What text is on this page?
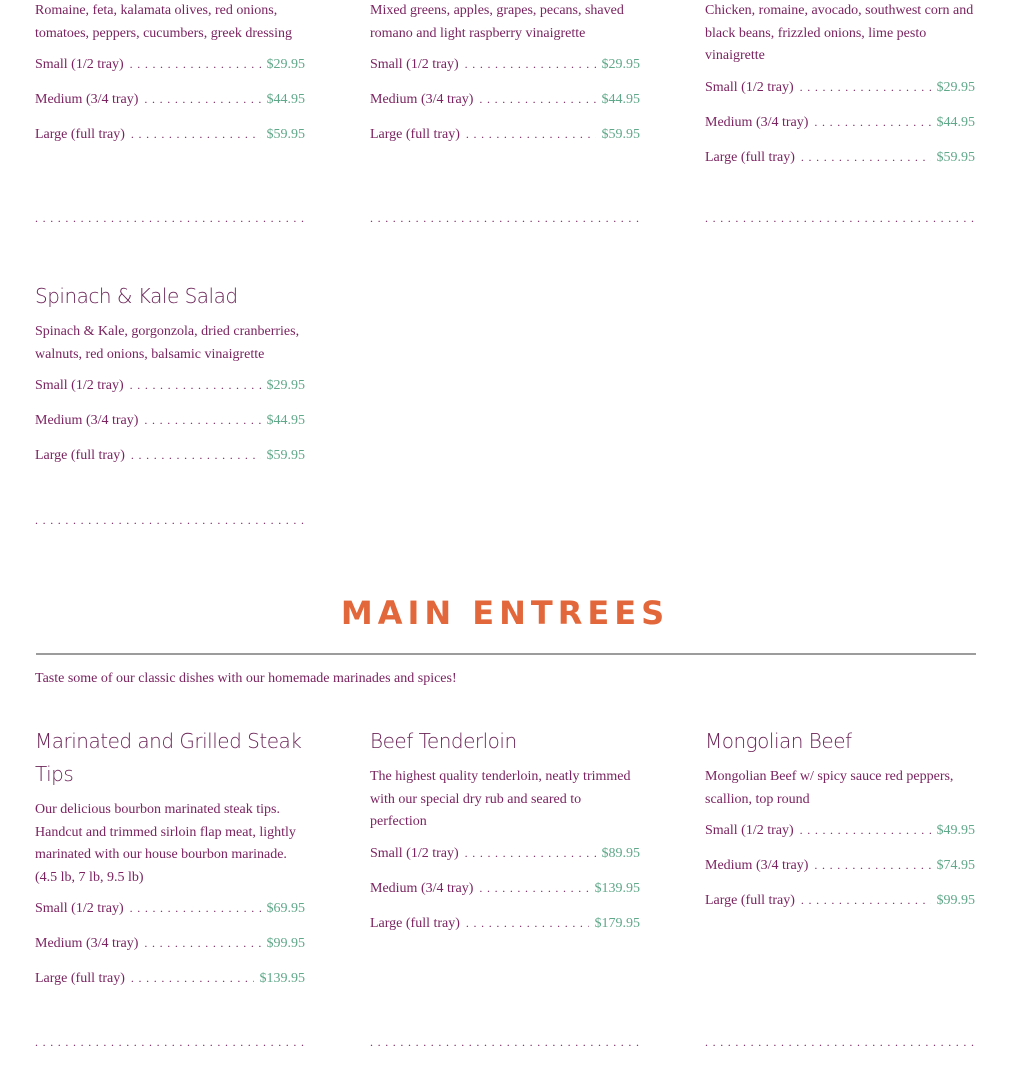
Romaine, feta, kalamata olives, red onions, tomatoes, peppers, cucumbers, greek dressing

Small (1/2 tray) . . .	$29.95
Medium (3/4 tray) . . .	$44.95
Large (full tray) . . .	$59.95

Mixed greens, apples, grapes, pecans, shaved romano and light raspberry vinaigrette

Small (1/2 tray) . . .	$29.95
Medium (3/4 tray) . . .	$44.95
Large (full tray) . . .	$59.95

Chicken, romaine, avocado, southwest corn and black beans, frizzled onions, lime pesto vinaigrette

Small (1/2 tray) . . .	$29.95
Medium (3/4 tray) . . .	$44.95
Large (full tray) . . .	$59.95
. . .
. . .
. . .
Spinach & Kale Salad

Spinach & Kale, gorgonzola, dried cranberries, walnuts, red onions, balsamic vinaigrette

Small (1/2 tray) . . .	$29.95
Medium (3/4 tray) . . .	$44.95
Large (full tray) . . .	$59.95
. . .
MAIN ENTREES

Taste some of our classic dishes with our homemade marinades and spices!

Marinated and Grilled Steak Tips

Our delicious bourbon marinated steak tips. Handcut and trimmed sirloin flap meat, lightly marinated with our house bourbon marinade. (4.5 lb, 7 lb, 9.5 lb)

Small (1/2 tray) . . .	$69.95
Medium (3/4 tray) . . .	$99.95
Large (full tray) . . .	$139.95
Beef Tenderloin

The highest quality tenderloin, neatly trimmed with our special dry rub and seared to perfection

Small (1/2 tray) . . .	$89.95
Medium (3/4 tray) . . .	$139.95
Large (full tray) . . .	$179.95
Mongolian Beef

Mongolian Beef w/ spicy sauce red peppers, scallion, top round

Small (1/2 tray) . . .	$49.95
Medium (3/4 tray) . . .	$74.95
Large (full tray) . . .	$99.95
. . .
. . .
. . .
